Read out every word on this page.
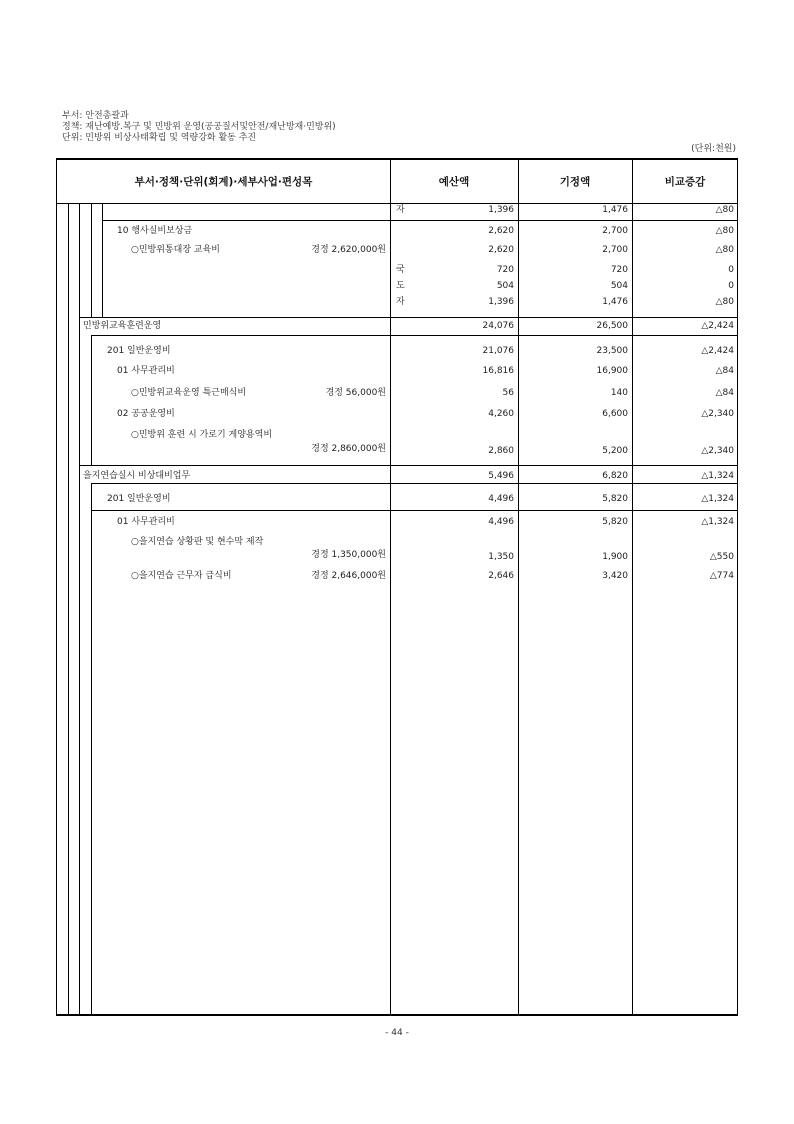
부서: 안전총괄과
정책: 재난예방.복구 및 민방위 운영(공공질서및안전/재난방재·민방위)
단위: 민방위 비상사태확립 및 역량강화 활동 추진
(단위:천원)
부서·정책·단위(회계)·세부사업·편성목	예산액	기정액	비교증감
자	1,396	1,476	△80
10 행사실비보상금	2,620	2,700	△80
○민방위통대장 교육비	경정 2,620,000원	2,620	2,700	△80
국	720	720	0
도	504	504	0
자	1,396	1,476	△80
민방위교육훈련운영	24,076	26,500	△2,424
201 일반운영비	21,076	23,500	△2,424
01 사무관리비	16,816	16,900	△84
○민방위교육운영 특근매식비	경정 56,000원	56	140	△84
02 공공운영비	4,260	6,600	△2,340
○민방위 훈련 시 가로기 게양용역비
경정 2,860,000원	2,860	5,200	△2,340
을지연습실시 비상대비업무	5,496	6,820	△1,324
201 일반운영비	4,496	5,820	△1,324
01 사무관리비	4,496	5,820	△1,324
○을지연습 상황판 및 현수막 제작
경정 1,350,000원	1,350	1,900	△550
○을지연습 근무자 급식비	경정 2,646,000원	2,646	3,420	△774
- 44 -
